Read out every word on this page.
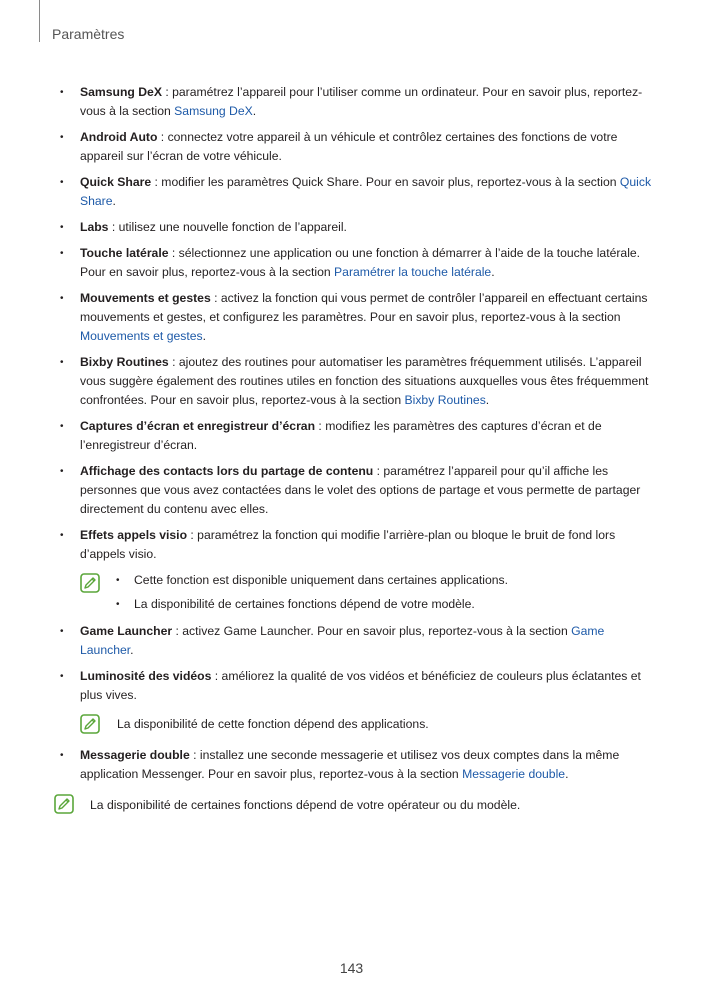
Paramètres
• Samsung DeX : paramétrez l’appareil pour l’utiliser comme un ordinateur. Pour en savoir plus, reportez-vous à la section Samsung DeX.
• Android Auto : connectez votre appareil à un véhicule et contrôlez certaines des fonctions de votre appareil sur l’écran de votre véhicule.
• Quick Share : modifier les paramètres Quick Share. Pour en savoir plus, reportez-vous à la section Quick Share.
• Labs : utilisez une nouvelle fonction de l’appareil.
• Touche latérale : sélectionnez une application ou une fonction à démarrer à l’aide de la touche latérale. Pour en savoir plus, reportez-vous à la section Paramétrer la touche latérale.
• Mouvements et gestes : activez la fonction qui vous permet de contrôler l’appareil en effectuant certains mouvements et gestes, et configurez les paramètres. Pour en savoir plus, reportez-vous à la section Mouvements et gestes.
• Bixby Routines : ajoutez des routines pour automatiser les paramètres fréquemment utilisés. L’appareil vous suggère également des routines utiles en fonction des situations auxquelles vous êtes fréquemment confrontées. Pour en savoir plus, reportez-vous à la section Bixby Routines.
• Captures d’écran et enregistreur d’écran : modifiez les paramètres des captures d’écran et de l’enregistreur d’écran.
• Affichage des contacts lors du partage de contenu : paramétrez l’appareil pour qu’il affiche les personnes que vous avez contactées dans le volet des options de partage et vous permette de partager directement du contenu avec elles.
• Effets appels visio : paramétrez la fonction qui modifie l’arrière-plan ou bloque le bruit de fond lors d’appels visio.
• Cette fonction est disponible uniquement dans certaines applications.
• La disponibilité de certaines fonctions dépend de votre modèle.
• Game Launcher : activez Game Launcher. Pour en savoir plus, reportez-vous à la section Game Launcher.
• Luminosité des vidéos : améliorez la qualité de vos vidéos et bénéficiez de couleurs plus éclatantes et plus vives.
La disponibilité de cette fonction dépend des applications.
• Messagerie double : installez une seconde messagerie et utilisez vos deux comptes dans la même application Messenger. Pour en savoir plus, reportez-vous à la section Messagerie double.
La disponibilité de certaines fonctions dépend de votre opérateur ou du modèle.
143
